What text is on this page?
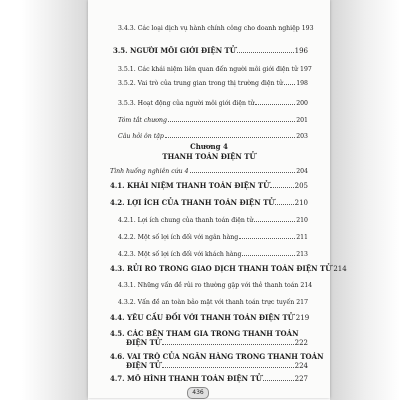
3.4.3. Các loại dịch vụ hành chính công cho doanh nghiệp 193
3.5. NGƯỜI MÔI GIỚI ĐIỆN TỬ	196
3.5.1. Các khái niệm liên quan đến người môi giới điện tử 197
3.5.2. Vai trò của trung gian trong thị trường điện tử 198
3.5.3. Hoạt động của người môi giới điện tử	200
Tóm tắt chương	201
Câu hỏi ôn tập	203
Chương 4
THANH TOÁN ĐIỆN TỬ
Tình huống nghiên cứu 4	204
4.1. KHÁI NIỆM THANH TOÁN ĐIỆN TỬ	205
4.2. LỢI ÍCH CỦA THANH TOÁN ĐIỆN TỬ	210
4.2.1. Lợi ích chung của thanh toán điện tử	210
4.2.2. Một số lợi ích đối với ngân hàng	211
4.2.3. Một số lợi ích đối với khách hàng	213
4.3. RỦI RO TRONG GIAO DỊCH THANH TOÁN ĐIỆN TỬ 214
4.3.1. Những vấn đề rủi ro thường gặp với thẻ thanh toán 214
4.3.2. Vấn đề an toàn bảo mật với thanh toán trực tuyến 217
4.4. YÊU CẦU ĐỐI VỚI THANH TOÁN ĐIỆN TỬ 219
4.5. CÁC BÊN THAM GIA TRONG THANH TOÁN
ĐIỆN TỬ	222
4.6. VAI TRÒ CỦA NGÂN HÀNG TRONG THANH TOÁN
ĐIỆN TỬ	224
4.7. MÔ HÌNH THANH TOÁN ĐIỆN TỬ	227
436
